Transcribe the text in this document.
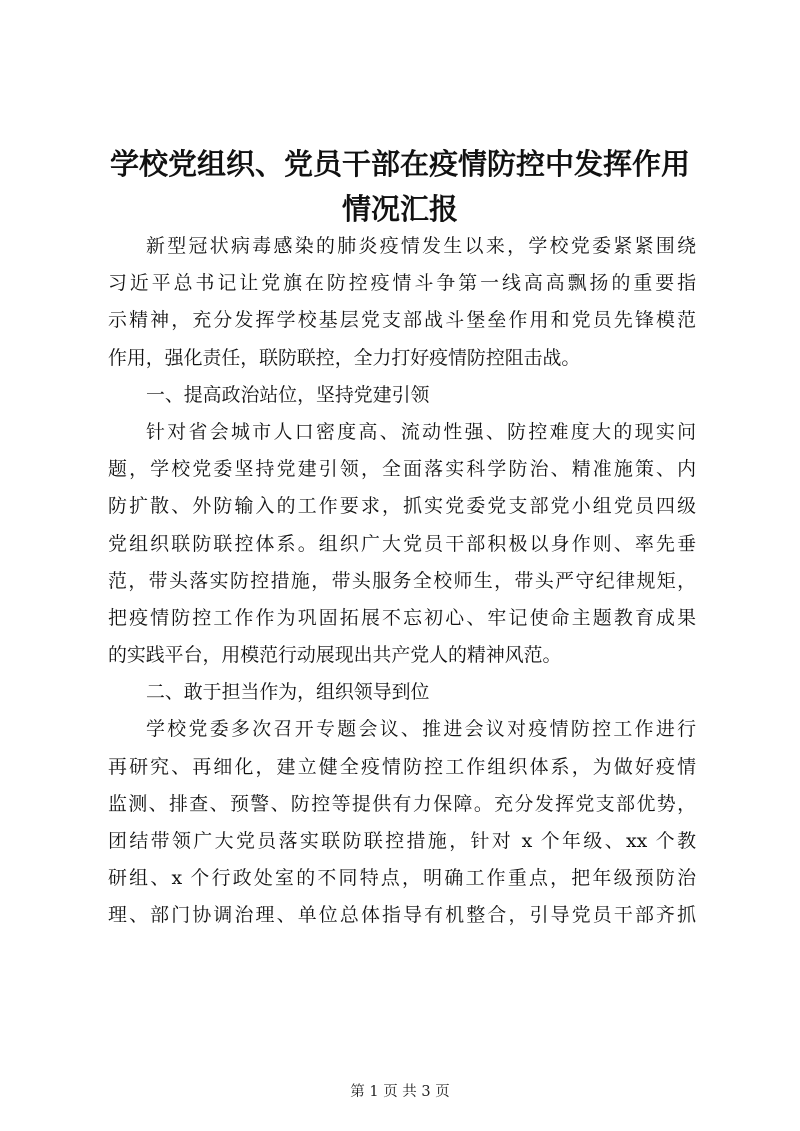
学校党组织、党员干部在疫情防控中发挥作用
情况汇报
新型冠状病毒感染的肺炎疫情发生以来，学校党委紧紧围绕
习近平总书记让党旗在防控疫情斗争第一线高高飘扬的重要指
示精神，充分发挥学校基层党支部战斗堡垒作用和党员先锋模范
作用，强化责任，联防联控，全力打好疫情防控阻击战。
一、提高政治站位，坚持党建引领
针对省会城市人口密度高、流动性强、防控难度大的现实问
题，学校党委坚持党建引领，全面落实科学防治、精准施策、内
防扩散、外防输入的工作要求，抓实党委党支部党小组党员四级
党组织联防联控体系。组织广大党员干部积极以身作则、率先垂
范，带头落实防控措施，带头服务全校师生，带头严守纪律规矩，
把疫情防控工作作为巩固拓展不忘初心、牢记使命主题教育成果
的实践平台，用模范行动展现出共产党人的精神风范。
二、敢于担当作为，组织领导到位
学校党委多次召开专题会议、推进会议对疫情防控工作进行
再研究、再细化，建立健全疫情防控工作组织体系，为做好疫情
监测、排查、预警、防控等提供有力保障。充分发挥党支部优势，
团结带领广大党员落实联防联控措施，针对 x 个年级、xx 个教
研组、x 个行政处室的不同特点，明确工作重点，把年级预防治
理、部门协调治理、单位总体指导有机整合，引导党员干部齐抓
第 1 页 共 3 页
